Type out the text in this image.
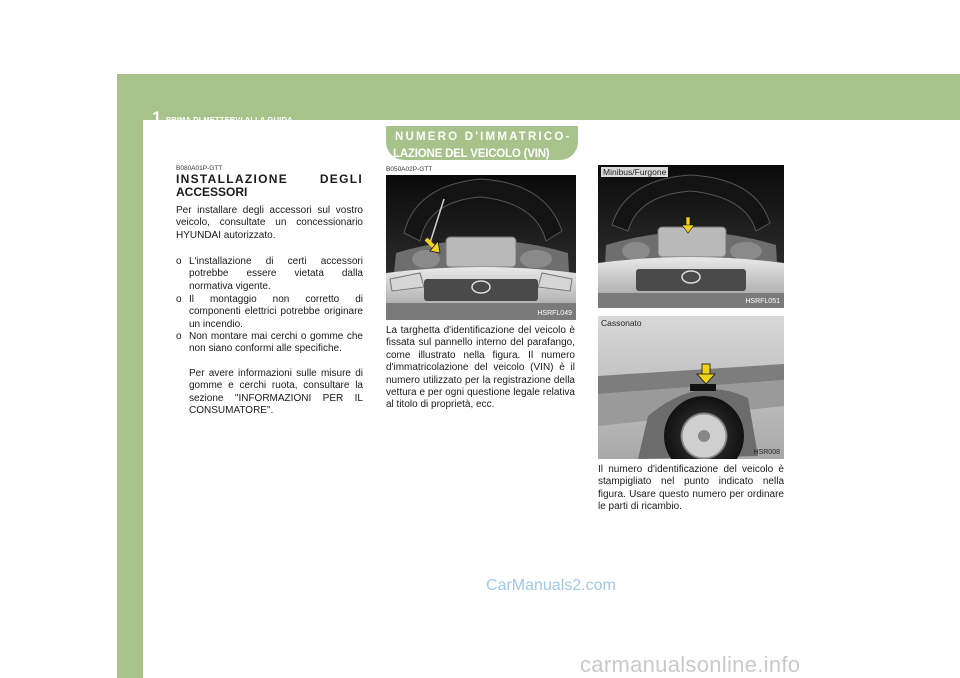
1 PRIMA DI METTERVI ALLA GUIDA
6
B080A01P-GTT
INSTALLAZIONE	DEGLI
ACCESSORI
Per installare degli accessori sul vostro veicolo, consultate un concessionario HYUNDAI autorizzato.
o L'installazione di certi accessori potrebbe essere vietata dalla normativa vigente.
o Il montaggio non corretto di componenti elettrici potrebbe originare un incendio.
o Non montare mai cerchi o gomme che non siano conformi alle specifiche.
Per avere informazioni sulle misure di gomme e cerchi ruota, consultare la sezione "INFORMAZIONI PER IL CONSUMATORE".
NUMERO D'IMMATRICO-
LAZIONE DEL VEICOLO (VIN)
B050A02P-GTT
HSRFL049
La targhetta d'identificazione del veicolo è fissata sul pannello interno del parafango, come illustrato nella figura. Il numero d'immatricolazione del veicolo (VIN) è il numero utilizzato per la registrazione della vettura e per ogni questione legale relativa al titolo di proprietà, ecc.
Minibus/Furgone
HSRFL051
Cassonato
HSR008
Il numero d'identificazione del veicolo è stampigliato nel punto indicato nella figura. Usare questo numero per ordinare le parti di ricambio.
CarManuals2.com
carmanualsonline.info
